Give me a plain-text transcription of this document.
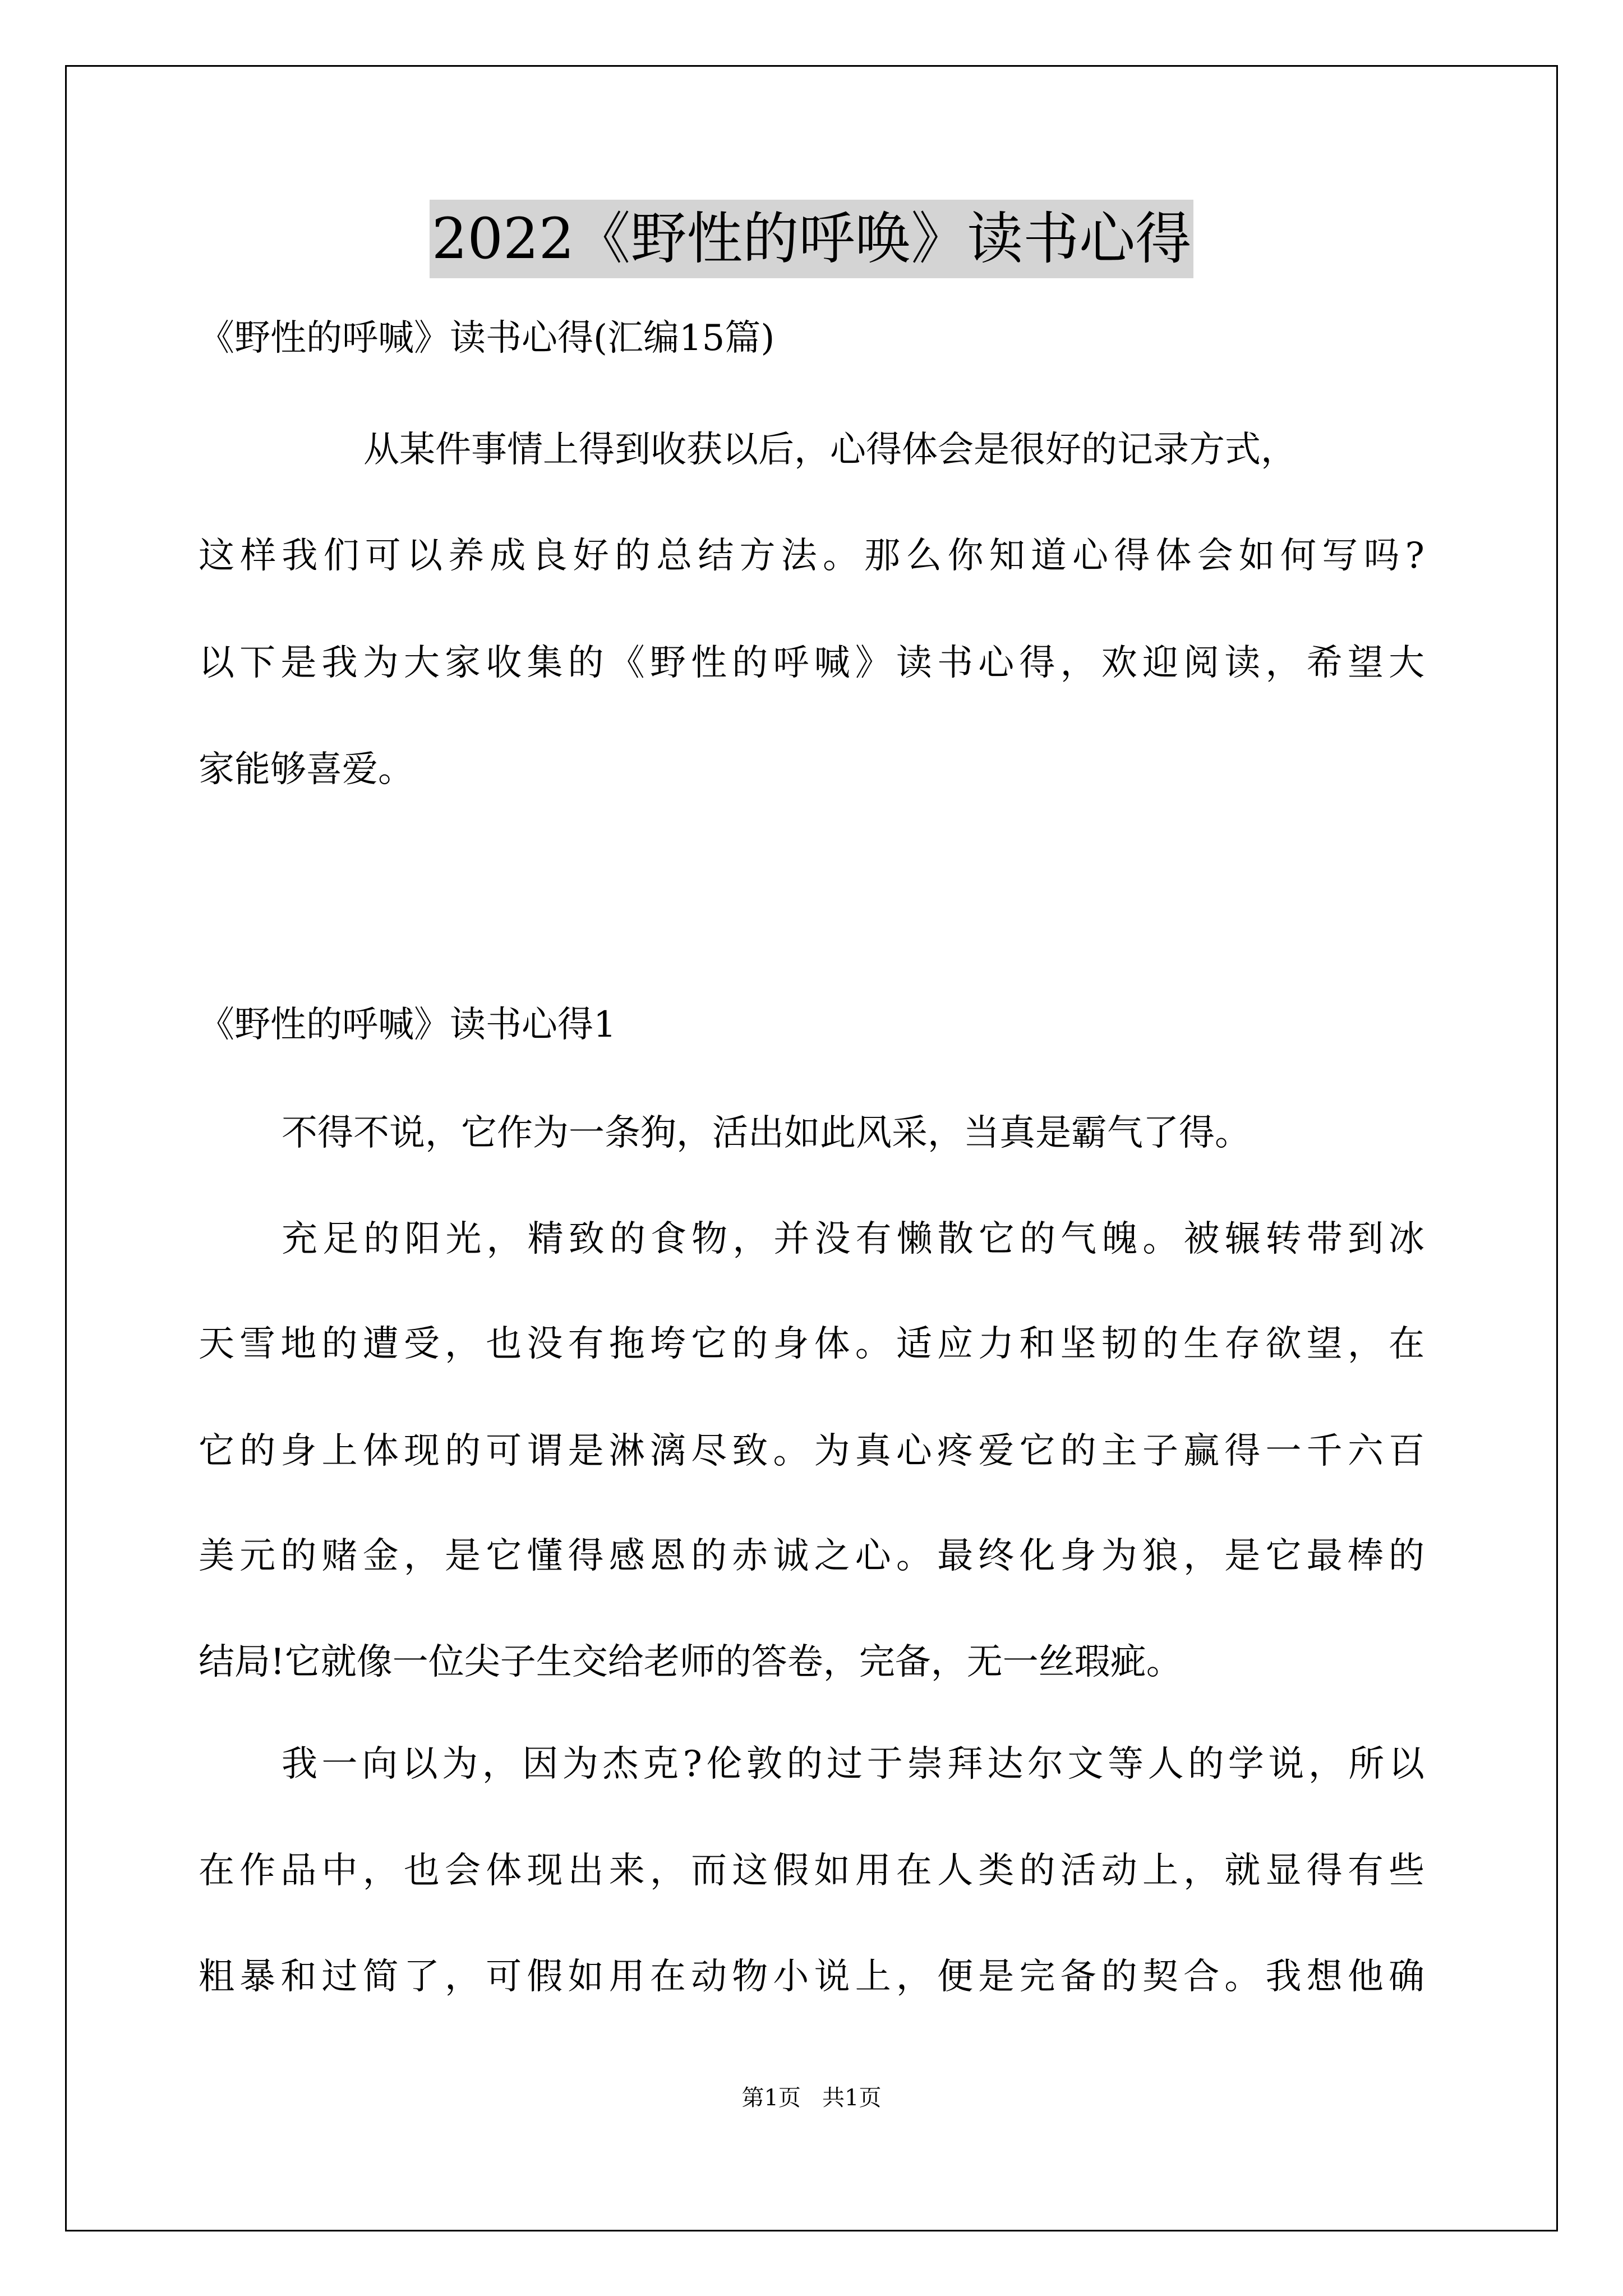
2022《野性的呼唤》读书心得
《野性的呼喊》读书心得(汇编15篇)
从某件事情上得到收获以后，心得体会是很好的记录方式，
这样我们可以养成良好的总结方法。那么你知道心得体会如何写吗?
以下是我为大家收集的《野性的呼喊》读书心得，欢迎阅读，希望大
家能够喜爱。
《野性的呼喊》读书心得1
不得不说，它作为一条狗，活出如此风采，当真是霸气了得。
充足的阳光，精致的食物，并没有懒散它的气魄。被辗转带到冰
天雪地的遭受，也没有拖垮它的身体。适应力和坚韧的生存欲望，在
它的身上体现的可谓是淋漓尽致。为真心疼爱它的主子赢得一千六百
美元的赌金，是它懂得感恩的赤诚之心。最终化身为狼，是它最棒的
结局!它就像一位尖子生交给老师的答卷，完备，无一丝瑕疵。
我一向以为，因为杰克?伦敦的过于崇拜达尔文等人的学说，所以
在作品中，也会体现出来，而这假如用在人类的活动上，就显得有些
粗暴和过简了，可假如用在动物小说上，便是完备的契合。我想他确
第1页   共1页
